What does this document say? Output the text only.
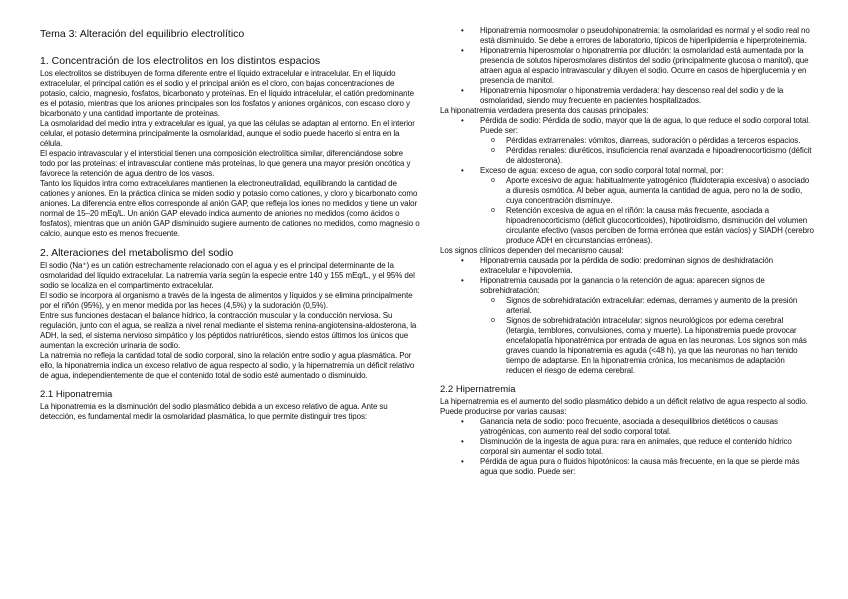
Tema 3: Alteración del equilibrio electrolítico
1. Concentración de los electrolitos en los distintos espacios

Los electrolitos se distribuyen de forma diferente entre el líquido extracelular e intracelular. En el líquido extracelular, el principal catión es el sodio y el principal anión es el cloro, con bajas concentraciones de potasio, calcio, magnesio, fosfatos, bicarbonato y proteínas. En el líquido intracelular, el catión predominante es el potasio, mientras que los aniones principales son los fosfatos y aniones orgánicos, con escaso cloro y bicarbonato y una cantidad importante de proteínas.

La osmolaridad del medio intra y extracelular es igual, ya que las células se adaptan al entorno. En el interior celular, el potasio determina principalmente la osmolaridad, aunque el sodio puede hacerlo si entra en la célula.

El espacio intravascular y el intersticial tienen una composición electrolítica similar, diferenciándose sobre todo por las proteínas: el intravascular contiene más proteínas, lo que genera una mayor presión oncótica y favorece la retención de agua dentro de los vasos.

Tanto los líquidos intra como extracelulares mantienen la electroneutralidad, equilibrando la cantidad de cationes y aniones. En la práctica clínica se miden sodio y potasio como cationes, y cloro y bicarbonato como aniones. La diferencia entre ellos corresponde al anión GAP, que refleja los iones no medidos y tiene un valor normal de 15–20 mEq/L. Un anión GAP elevado indica aumento de aniones no medidos (como ácidos o fosfatos), mientras que un anión GAP disminuido sugiere aumento de cationes no medidos, como magnesio o calcio, aunque esto es menos frecuente.

2. Alteraciones del metabolismo del sodio

El sodio (Na⁺) es un catión estrechamente relacionado con el agua y es el principal determinante de la osmolaridad del líquido extracelular. La natremia varía según la especie entre 140 y 155 mEq/L, y el 95% del sodio se localiza en el compartimento extracelular.

El sodio se incorpora al organismo a través de la ingesta de alimentos y líquidos y se elimina principalmente por el riñón (95%), y en menor medida por las heces (4,5%) y la sudoración (0,5%).

Entre sus funciones destacan el balance hídrico, la contracción muscular y la conducción nerviosa. Su regulación, junto con el agua, se realiza a nivel renal mediante el sistema renina-angiotensina-aldosterona, la ADH, la sed, el sistema nervioso simpático y los péptidos natriuréticos, siendo estos últimos los únicos que aumentan la excreción urinaria de sodio.

La natremia no refleja la cantidad total de sodio corporal, sino la relación entre sodio y agua plasmática. Por ello, la hiponatremia indica un exceso relativo de agua respecto al sodio, y la hipernatremia un déficit relativo de agua, independientemente de que el contenido total de sodio esté aumentado o disminuido.

2.1 Hiponatremia

La hiponatremia es la disminución del sodio plasmático debida a un exceso relativo de agua. Ante su detección, es fundamental medir la osmolaridad plasmática, lo que permite distinguir tres tipos:

• Hiponatremia normoosmolar o pseudohiponatremia: la osmolaridad es normal y el sodio real no está disminuido. Se debe a errores de laboratorio, típicos de hiperlipidemia e hiperproteinemia.
• Hiponatremia hiperosmolar o hiponatremia por dilución: la osmolaridad está aumentada por la presencia de solutos hiperosmolares distintos del sodio (principalmente glucosa o manitol), que atraen agua al espacio intravascular y diluyen el sodio. Ocurre en casos de hiperglucemia y en presencia de manitol.
• Hiponatremia hiposmolar o hiponatremia verdadera: hay descenso real del sodio y de la osmolaridad, siendo muy frecuente en pacientes hospitalizados.

La hiponatremia verdadera presenta dos causas principales:

• Pérdida de sodio: Pérdida de sodio, mayor que la de agua, lo que reduce el sodio corporal total. Puede ser:
o Pérdidas extrarrenales: vómitos, diarreas, sudoración o pérdidas a terceros espacios.
o Pérdidas renales: diuréticos, insuficiencia renal avanzada e hipoadrenocorticismo (déficit de aldosterona).
• Exceso de agua: exceso de agua, con sodio corporal total normal, por:
o Aporte excesivo de agua: habitualmente yatrogénico (fluidoterapia excesiva) o asociado a diuresis osmótica. Al beber agua, aumenta la cantidad de agua, pero no la de sodio, cuya concentración disminuye.
o Retención excesiva de agua en el riñón: la causa más frecuente, asociada a hipoadrenocorticismo (déficit glucocorticoides), hipotiroidismo, disminución del volumen circulante efectivo (vasos perciben de forma errónea que están vacíos) y SIADH (cerebro produce ADH en circunstancias erróneas).

Los signos clínicos dependen del mecanismo causal:

• Hiponatremia causada por la pérdida de sodio: predominan signos de deshidratación extracelular e hipovolemia.
• Hiponatremia causada por la ganancia o la retención de agua: aparecen signos de sobrehidratación:
o Signos de sobrehidratación extracelular: edemas, derrames y aumento de la presión arterial.
o Signos de sobrehidratación intracelular: signos neurológicos por edema cerebral (letargia, temblores, convulsiones, coma y muerte). La hiponatremia puede provocar encefalopatía hiponatrémica por entrada de agua en las neuronas. Los signos son más graves cuando la hiponatremia es aguda (<48 h), ya que las neuronas no han tenido tiempo de adaptarse. En la hiponatremia crónica, los mecanismos de adaptación reducen el riesgo de edema cerebral.
2.2 Hipernatremia

La hipernatremia es el aumento del sodio plasmático debido a un déficit relativo de agua respecto al sodio. Puede producirse por varias causas:

• Ganancia neta de sodio: poco frecuente, asociada a desequilibrios dietéticos o causas yatrogénicas, con aumento real del sodio corporal total.
• Disminución de la ingesta de agua pura: rara en animales, que reduce el contenido hídrico corporal sin aumentar el sodio total.
• Pérdida de agua pura o fluidos hipotónicos: la causa más frecuente, en la que se pierde más agua que sodio. Puede ser:
